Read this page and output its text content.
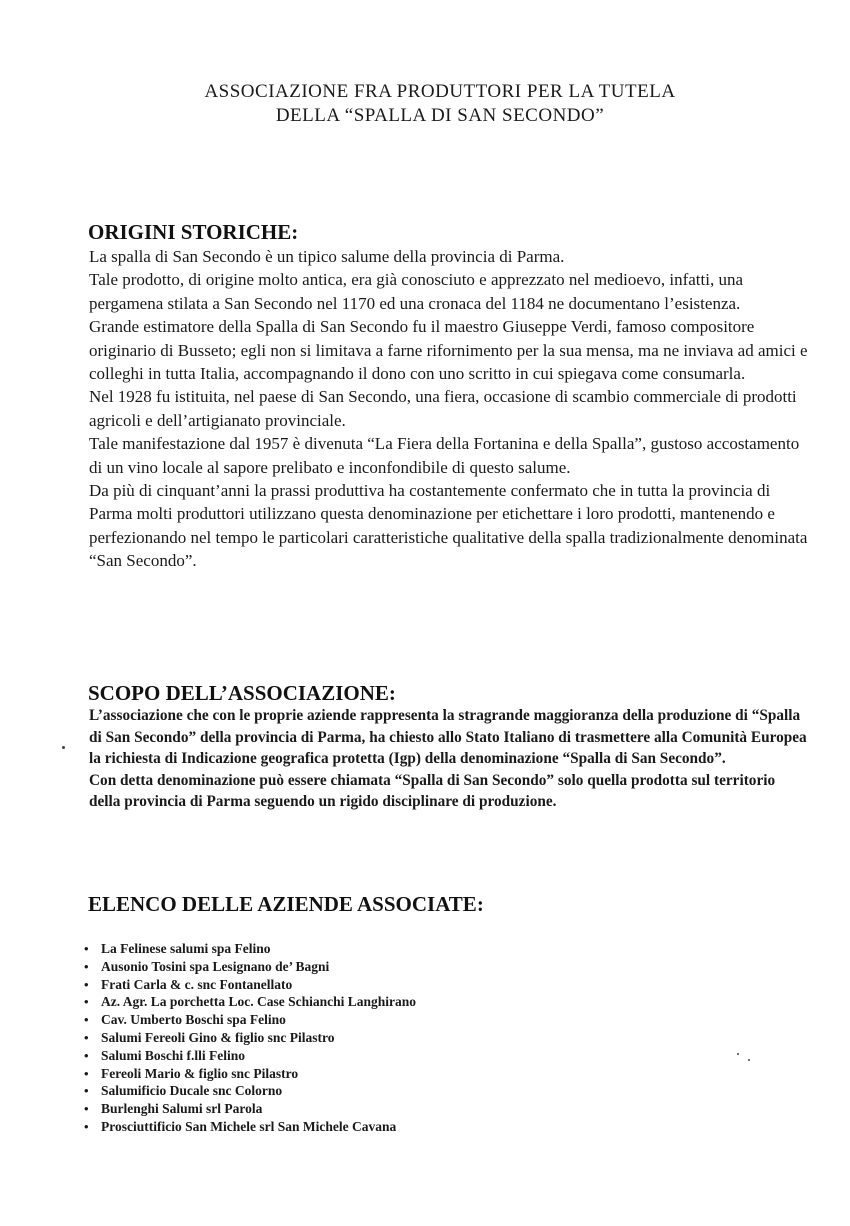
ASSOCIAZIONE FRA PRODUTTORI PER LA TUTELA
DELLA “SPALLA DI SAN SECONDO”
ORIGINI STORICHE:

La spalla di San Secondo è un tipico salume della provincia di Parma.

Tale prodotto, di origine molto antica, era già conosciuto e apprezzato nel medioevo, infatti, una pergamena stilata a San Secondo nel 1170 ed una cronaca del 1184 ne documentano l’esistenza.

Grande estimatore della Spalla di San Secondo fu il maestro Giuseppe Verdi, famoso compositore originario di Busseto; egli non si limitava a farne rifornimento per la sua mensa, ma ne inviava ad amici e colleghi in tutta Italia, accompagnando il dono con uno scritto in cui spiegava come consumarla.

Nel 1928 fu istituita, nel paese di San Secondo, una fiera, occasione di scambio commerciale di prodotti agricoli e dell’artigianato provinciale.

Tale manifestazione dal 1957 è divenuta “La Fiera della Fortanina e della Spalla”, gustoso accostamento di un vino locale al sapore prelibato e inconfondibile di questo salume.

Da più di cinquant’anni la prassi produttiva ha costantemente confermato che in tutta la provincia di Parma molti produttori utilizzano questa denominazione per etichettare i loro prodotti, mantenendo e perfezionando nel tempo le particolari caratteristiche qualitative della spalla tradizionalmente denominata “San Secondo”.

SCOPO DELL’ASSOCIAZIONE:

L’associazione che con le proprie aziende rappresenta la stragrande maggioranza della produzione di “Spalla di San Secondo” della provincia di Parma, ha chiesto allo Stato Italiano di trasmettere alla Comunità Europea la richiesta di Indicazione geografica protetta (Igp) della denominazione “Spalla di San Secondo”.

Con detta denominazione può essere chiamata “Spalla di San Secondo” solo quella prodotta sul territorio della provincia di Parma seguendo un rigido disciplinare di produzione.

ELENCO DELLE AZIENDE ASSOCIATE:
• La Felinese salumi spa Felino
• Ausonio Tosini spa Lesignano de’ Bagni
• Frati Carla & c. snc Fontanellato
• Az. Agr. La porchetta Loc. Case Schianchi Langhirano
• Cav. Umberto Boschi spa Felino
• Salumi Fereoli Gino & figlio snc Pilastro
• Salumi Boschi f.lli Felino
• Fereoli Mario & figlio snc Pilastro
• Salumificio Ducale snc Colorno
• Burlenghi Salumi srl Parola
• Prosciuttificio San Michele srl San Michele Cavana
